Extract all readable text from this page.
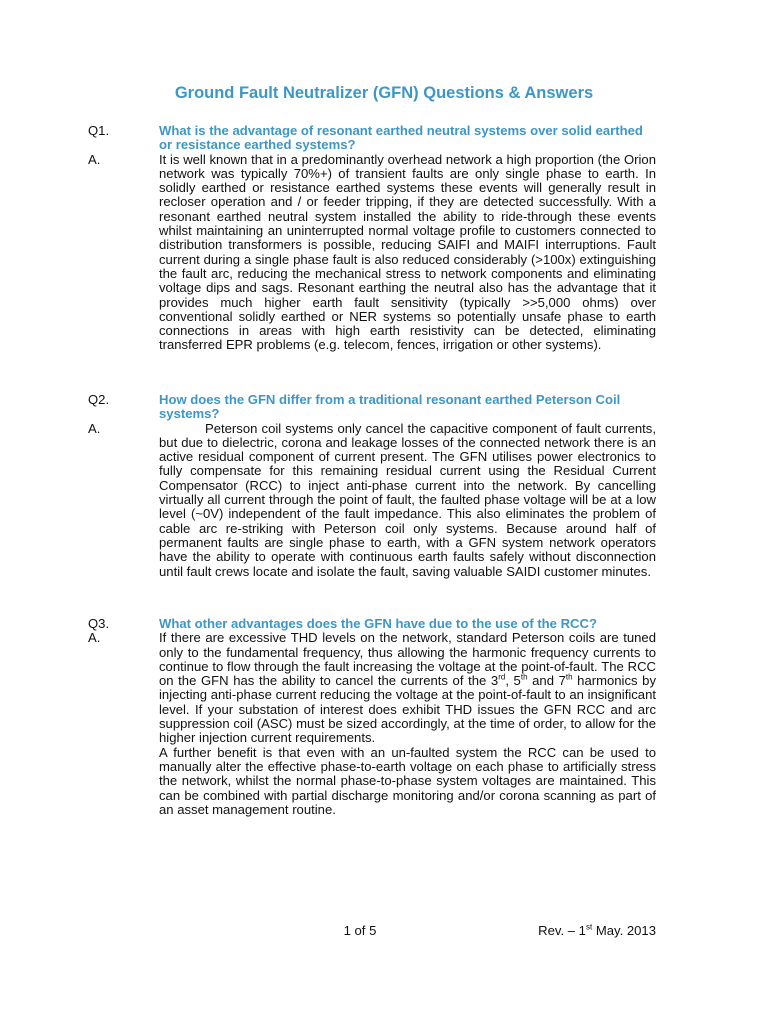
Ground Fault Neutralizer (GFN) Questions & Answers
Q1.	What is the advantage of resonant earthed neutral systems over solid earthed or resistance earthed systems?
A.	It is well known that in a predominantly overhead network a high proportion (the Orion network was typically 70%+) of transient faults are only single phase to earth. In solidly earthed or resistance earthed systems these events will generally result in recloser operation and / or feeder tripping, if they are detected successfully. With a resonant earthed neutral system installed the ability to ride-through these events whilst maintaining an uninterrupted normal voltage profile to customers connected to distribution transformers is possible, reducing SAIFI and MAIFI interruptions. Fault current during a single phase fault is also reduced considerably (>100x) extinguishing the fault arc, reducing the mechanical stress to network components and eliminating voltage dips and sags. Resonant earthing the neutral also has the advantage that it provides much higher earth fault sensitivity (typically >>5,000 ohms) over conventional solidly earthed or NER systems so potentially unsafe phase to earth connections in areas with high earth resistivity can be detected, eliminating transferred EPR problems (e.g. telecom, fences, irrigation or other systems).

Q2.	How does the GFN differ from a traditional resonant earthed Peterson Coil systems?
A.	Peterson coil systems only cancel the capacitive component of fault currents, but due to dielectric, corona and leakage losses of the connected network there is an active residual component of current present. The GFN utilises power electronics to fully compensate for this remaining residual current using the Residual Current Compensator (RCC) to inject anti-phase current into the network. By cancelling virtually all current through the point of fault, the faulted phase voltage will be at a low level (~0V) independent of the fault impedance. This also eliminates the problem of cable arc re-striking with Peterson coil only systems. Because around half of permanent faults are single phase to earth, with a GFN system network operators have the ability to operate with continuous earth faults safely without disconnection until fault crews locate and isolate the fault, saving valuable SAIDI customer minutes.

Q3.	What other advantages does the GFN have due to the use of the RCC?
A.	If there are excessive THD levels on the network, standard Peterson coils are tuned only to the fundamental frequency, thus allowing the harmonic frequency currents to continue to flow through the fault increasing the voltage at the point-of-fault. The RCC on the GFN has the ability to cancel the currents of the 3rd, 5th and 7th harmonics by injecting anti-phase current reducing the voltage at the point-of-fault to an insignificant level. If your substation of interest does exhibit THD issues the GFN RCC and arc suppression coil (ASC) must be sized accordingly, at the time of order, to allow for the higher injection current requirements.

A further benefit is that even with an un-faulted system the RCC can be used to manually alter the effective phase-to-earth voltage on each phase to artificially stress the network, whilst the normal phase-to-phase system voltages are maintained. This can be combined with partial discharge monitoring and/or corona scanning as part of an asset management routine.

1 of 5	Rev. – 1st May. 2013
